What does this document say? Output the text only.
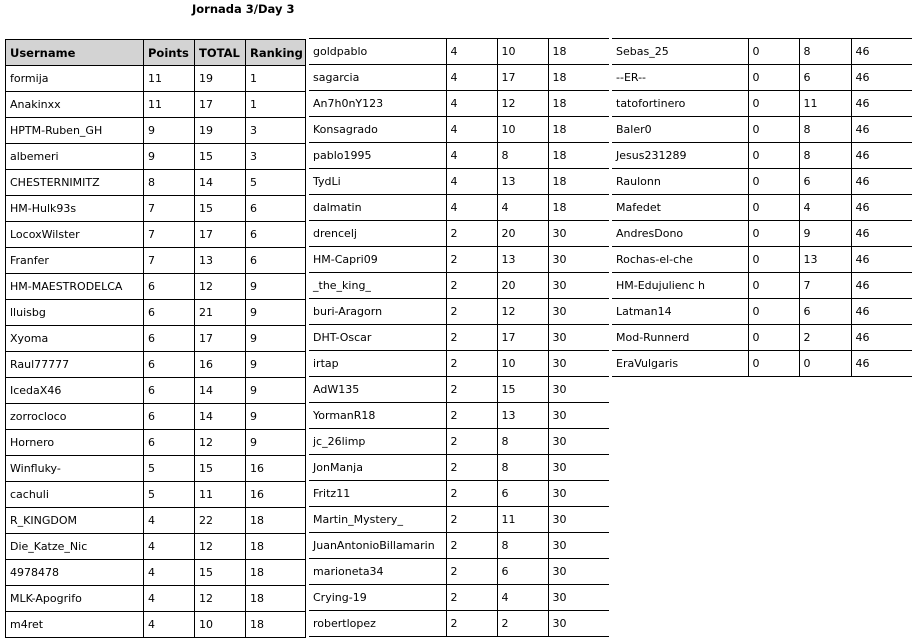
Jornada 3/Day 3
Username	Points	TOTAL	Ranking
formija	11	19	1
Anakinxx	11	17	1
HPTM-Ruben_GH	9	19	3
albemeri	9	15	3
CHESTERNIMITZ	8	14	5
HM-Hulk93s	7	15	6
LocoxWilster	7	17	6
Franfer	7	13	6
HM-MAESTRODELCA	6	12	9
lluisbg	6	21	9
Xyoma	6	17	9
Raul77777	6	16	9
IcedaX46	6	14	9
zorrocloco	6	14	9
Hornero	6	12	9
Winfluky-	5	15	16
cachuli	5	11	16
R_KINGDOM	4	22	18
Die_Katze_Nic	4	12	18
4978478	4	15	18
MLK-Apogrifo	4	12	18
m4ret	4	10	18
goldpablo	4	10	18
sagarcia	4	17	18
An7h0nY123	4	12	18
Konsagrado	4	10	18
pablo1995	4	8	18
TydLi	4	13	18
dalmatin	4	4	18
drencelj	2	20	30
HM-Capri09	2	13	30
_the_king_	2	20	30
buri-Aragorn	2	12	30
DHT-Oscar	2	17	30
irtap	2	10	30
AdW135	2	15	30
YormanR18	2	13	30
jc_26limp	2	8	30
JonManja	2	8	30
Fritz11	2	6	30
Martin_Mystery_	2	11	30
JuanAntonioBillamarin	2	8	30
marioneta34	2	6	30
Crying-19	2	4	30
robertlopez	2	2	30
Sebas_25	0	8	46
--ER--	0	6	46
tatofortinero	0	11	46
Baler0	0	8	46
Jesus231289	0	8	46
Raulonn	0	6	46
Mafedet	0	4	46
AndresDono	0	9	46
Rochas-el-che	0	13	46
HM-Edujulienc h	0	7	46
Latman14	0	6	46
Mod-Runnerd	0	2	46
EraVulgaris	0	0	46
